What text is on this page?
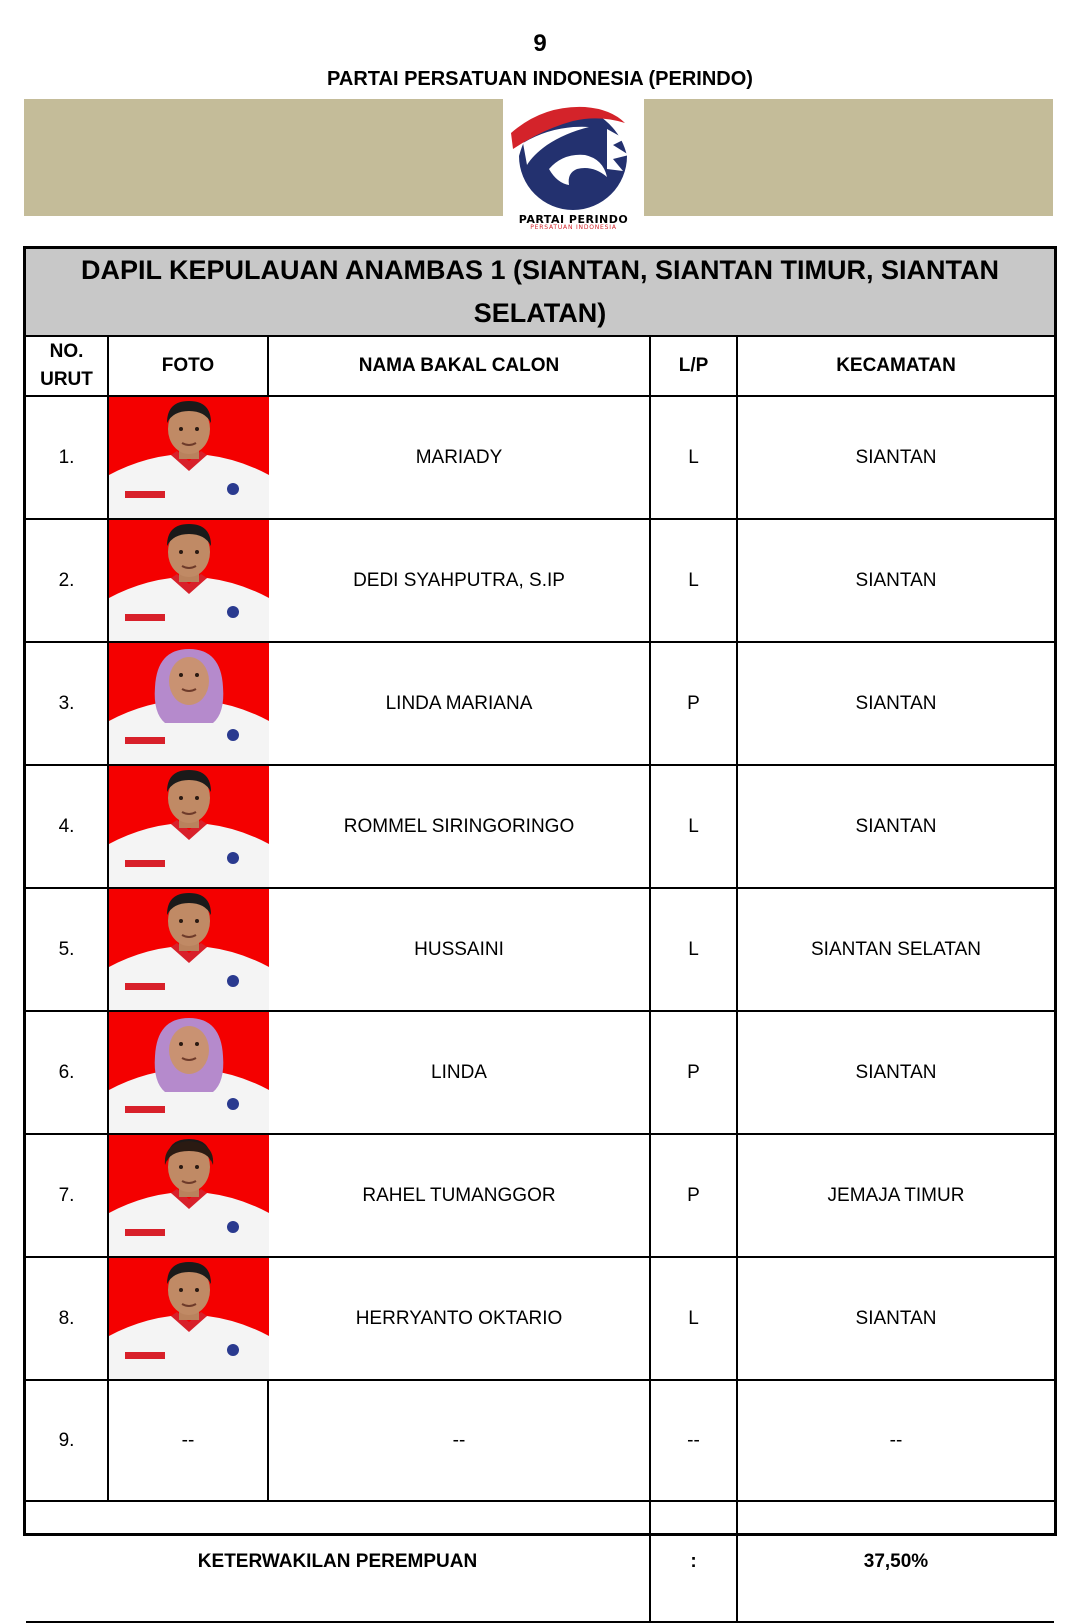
9
PARTAI PERSATUAN INDONESIA (PERINDO)
PARTAI PERINDO
PERSATUAN INDONESIA
DAPIL KEPULAUAN ANAMBAS 1 (SIANTAN, SIANTAN TIMUR, SIANTAN SELATAN)
NO. URUT	FOTO	NAMA BAKAL CALON	L/P	KECAMATAN
1.		MARIADY	L	SIANTAN
2.		DEDI SYAHPUTRA, S.IP	L	SIANTAN
3.		LINDA MARIANA	P	SIANTAN
4.		ROMMEL SIRINGORINGO	L	SIANTAN
5.		HUSSAINI	L	SIANTAN SELATAN
6.		LINDA	P	SIANTAN
7.		RAHEL TUMANGGOR	P	JEMAJA TIMUR
8.		HERRYANTO OKTARIO	L	SIANTAN
9.	--	--	--	--
KETERWAKILAN PEREMPUAN			:	37,50%
